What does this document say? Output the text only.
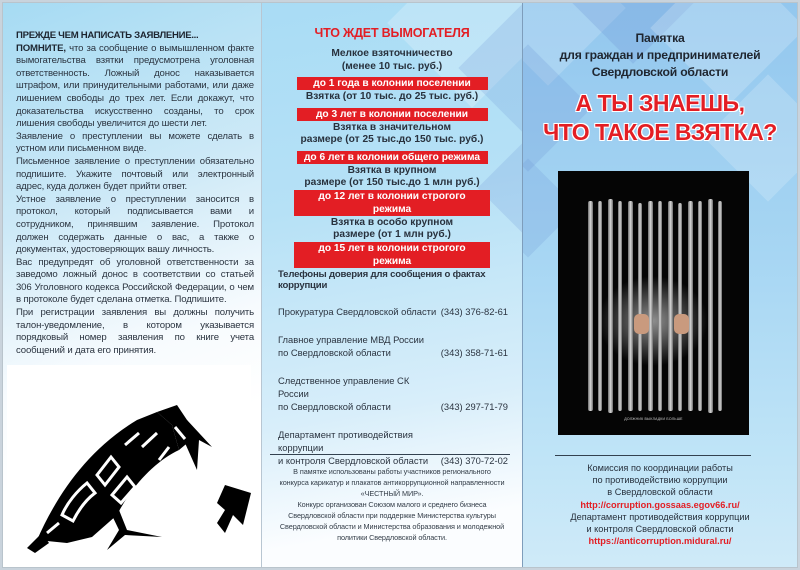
ПРЕЖДЕ ЧЕМ НАПИСАТЬ ЗАЯВЛЕНИЕ...

ПОМНИТЕ, что за сообщение о вымышленном факте вымогательства взятки предусмотрена уголовная ответственность. Ложный донос наказывается штрафом, или принудительными работами, или даже лишением свободы до трех лет. Если докажут, что доказательства искусственно созданы, то срок лишения свободы увеличится до шести лет.

Заявление о преступлении вы можете сделать в устном или письменном виде.

Письменное заявление о преступлении обязательно подпишите. Укажите почтовый или электронный адрес, куда должен будет прийти ответ.

Устное заявление о преступлении заносится в протокол, который подписывается вами и сотрудником, принявшим заявление. Протокол должен содержать данные о вас, а также о документах, удостоверяющих вашу личность.

Вас предупредят об уголовной ответственности за заведомо ложный донос в соответствии со статьей 306 Уголовного кодекса Российской Федерации, о чем в протоколе будет сделана отметка. Подпишите.

При регистрации заявления вы должны получить талон-уведомление, в котором указывается порядковый номер заявления по книге учета сообщений и дата его принятия.

ЧТО ЖДЕТ ВЫМОГАТЕЛЯ
Мелкое взяточничество
(менее 10 тыс. руб.)
до 1 года в колонии поселении
Взятка (от 10 тыс. до 25 тыс. руб.)
до 3 лет в колонии поселении
Взятка в значительном
размере (от 25 тыс.до 150 тыс. руб.)
до 6 лет в колонии общего режима
Взятка в крупном
размере (от 150 тыс.до 1 млн руб.)
до 12 лет в колонии строгого режима
Взятка в особо крупном
размере (от 1 млн руб.)
до 15 лет в колонии строгого режима
Телефоны доверия для сообщения о фактах коррупции
Прокуратура Свердловской области (343) 376-82-61
Главное управление МВД России
по Свердловской области	(343) 358-71-61
Следственное управление СК России
по Свердловской области	(343) 297-71-79
Департамент противодействия коррупции
и контроля Свердловской области	(343) 370-72-02
В памятке использованы работы участников регионального
конкурса карикатур и плакатов антикоррупционной направленности
«ЧЕСТНЫЙ МИР».
Конкурс организован Союзом малого и среднего бизнеса
Свердловской области при поддержке Министерства культуры
Свердловской области и Министерства образования и молодежной
политики Свердловской области.
Памятка
для граждан и предпринимателей
Свердловской области
А ТЫ ЗНАЕШЬ,
ЧТО ТАКОЕ ВЗЯТКА?
ДОЛЖНИК ВЫКЛАДКИ БОЛЬШЕ
Комиссия по координации работы
по противодействию коррупции
в Свердловской области
http://corruption.gossaas.egov66.ru/
Департамент противодействия коррупции
и контроля Свердловской области
https://anticorruption.midural.ru/
